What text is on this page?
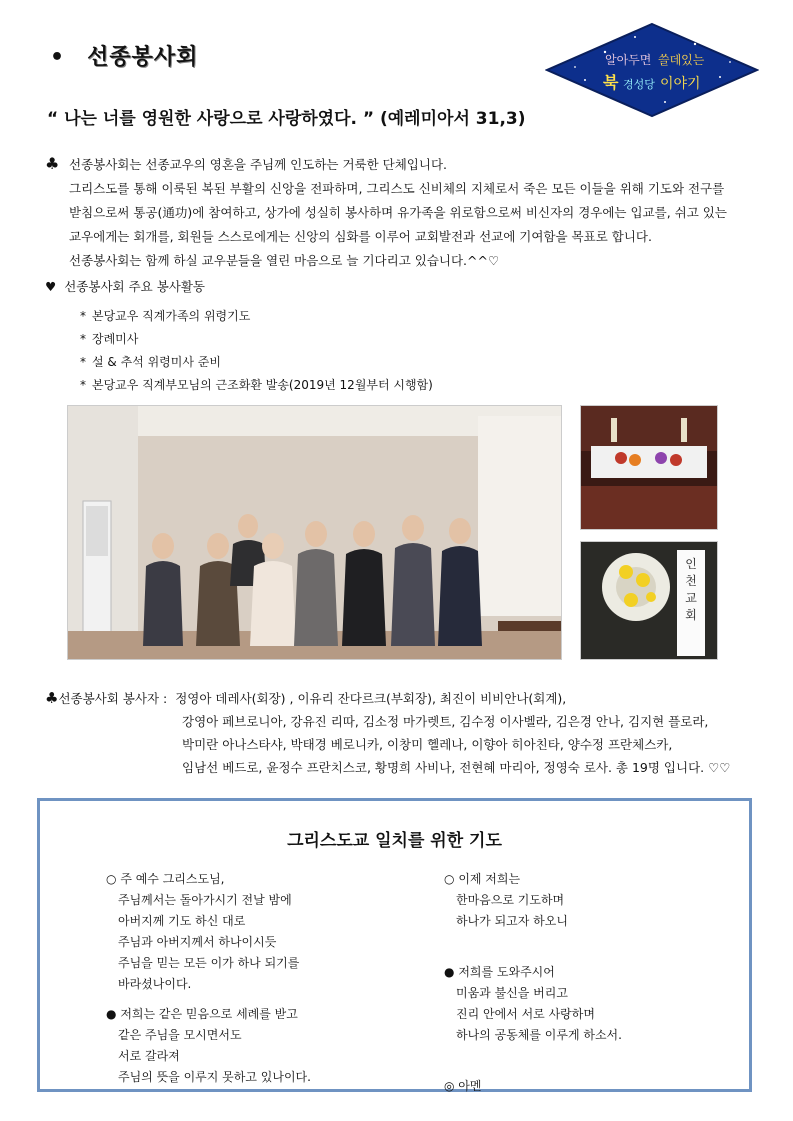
• 선종봉사회	알아두면 쓸데있는
북 경성당 이야기
“ 나는 너를 영원한 사랑으로 사랑하였다. ” (예레미아서 31,3)
♣ 선종봉사회는 선종교우의 영혼을 주님께 인도하는 거룩한 단체입니다.
그리스도를 통해 이룩된 복된 부활의 신앙을 전파하며, 그리스도 신비체의 지체로서 죽은 모든 이들을 위해 기도와 전구를
받침으로써 통공(通功)에 참여하고, 상가에 성실히 봉사하며 유가족을 위로함으로써 비신자의 경우에는 입교를, 쉬고 있는
교우에게는 회개를, 회원들 스스로에게는 신앙의 심화를 이루어 교회발전과 선교에 기여함을 목표로 합니다.
선종봉사회는 함께 하실 교우분들을 열린 마음으로 늘 기다리고 있습니다.^^♡
♥ 선종봉사회 주요 봉사활동
* 본당교우 직계가족의 위령기도
* 장례미사
* 설 & 추석 위령미사 준비
* 본당교우 직계부모님의 근조화환 발송(2019년 12월부터 시행함)
인천교회
♣선종봉사회 봉사자 : 정영아 데레사(회장) , 이유리 잔다르크(부회장), 최진이 비비안나(회계),
강영아 페브로니아, 강유진 리따, 김소정 마가렛트, 김수정 이사벨라, 김은경 안나, 김지현 플로라,
박미란 아나스타샤, 박태경 베로니카, 이창미 헬레나, 이향아 히아친타, 양수정 프란체스카,
임남선 베드로, 윤정수 프란치스코, 황명희 사비나, 전현혜 마리아, 정영숙 로사. 총 19명 입니다. ♡♡
그리스도교 일치를 위한 기도
○ 주 예수 그리스도님,
주님께서는 돌아가시기 전날 밤에
아버지께 기도 하신 대로
주님과 아버지께서 하나이시듯
주님을 믿는 모든 이가 하나 되기를
바라셨나이다.
● 저희는 같은 믿음으로 세례를 받고
같은 주님을 모시면서도
서로 갈라져
주님의 뜻을 이루지 못하고 있나이다.
○ 이제 저희는
한마음으로 기도하며
하나가 되고자 하오니
● 저희를 도와주시어
미움과 불신을 버리고
진리 안에서 서로 사랑하며
하나의 공동체를 이루게 하소서.
◎ 아멘
